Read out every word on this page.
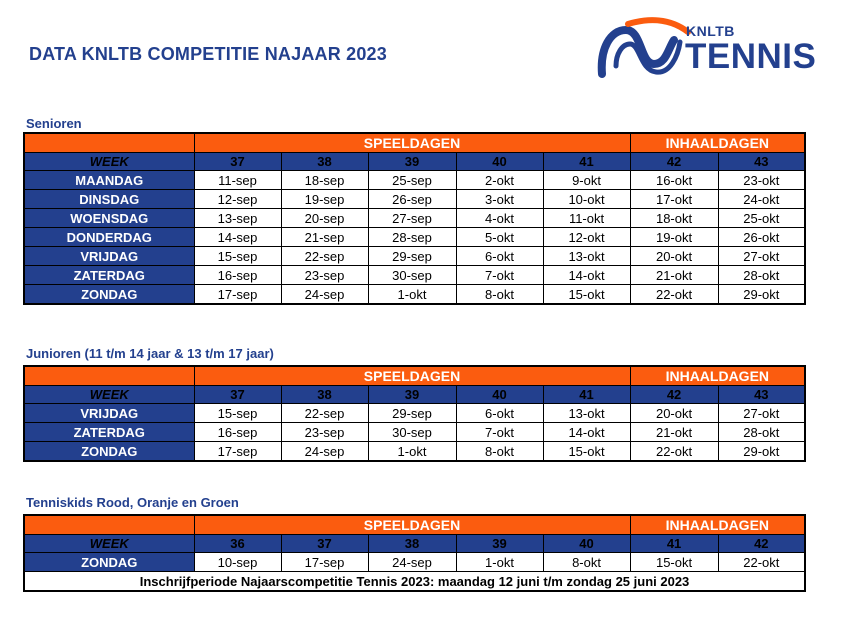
DATA KNLTB COMPETITIE NAJAAR 2023
KNLTB
TENNIS
Senioren
	SPEELDAGEN					INHAALDAGEN	
WEEK	37	38	39	40	41	42	43
MAANDAG	11-sep	18-sep	25-sep	2-okt	9-okt	16-okt	23-okt
DINSDAG	12-sep	19-sep	26-sep	3-okt	10-okt	17-okt	24-okt
WOENSDAG	13-sep	20-sep	27-sep	4-okt	11-okt	18-okt	25-okt
DONDERDAG	14-sep	21-sep	28-sep	5-okt	12-okt	19-okt	26-okt
VRIJDAG	15-sep	22-sep	29-sep	6-okt	13-okt	20-okt	27-okt
ZATERDAG	16-sep	23-sep	30-sep	7-okt	14-okt	21-okt	28-okt
ZONDAG	17-sep	24-sep	1-okt	8-okt	15-okt	22-okt	29-okt
Junioren (11 t/m 14 jaar & 13 t/m 17 jaar)
	SPEELDAGEN					INHAALDAGEN	
WEEK	37	38	39	40	41	42	43
VRIJDAG	15-sep	22-sep	29-sep	6-okt	13-okt	20-okt	27-okt
ZATERDAG	16-sep	23-sep	30-sep	7-okt	14-okt	21-okt	28-okt
ZONDAG	17-sep	24-sep	1-okt	8-okt	15-okt	22-okt	29-okt
Tenniskids Rood, Oranje en Groen
	SPEELDAGEN					INHAALDAGEN	
WEEK	36	37	38	39	40	41	42
ZONDAG	10-sep	17-sep	24-sep	1-okt	8-okt	15-okt	22-okt
Inschrijfperiode Najaarscompetitie Tennis 2023: maandag 12 juni t/m zondag 25 juni 2023							
